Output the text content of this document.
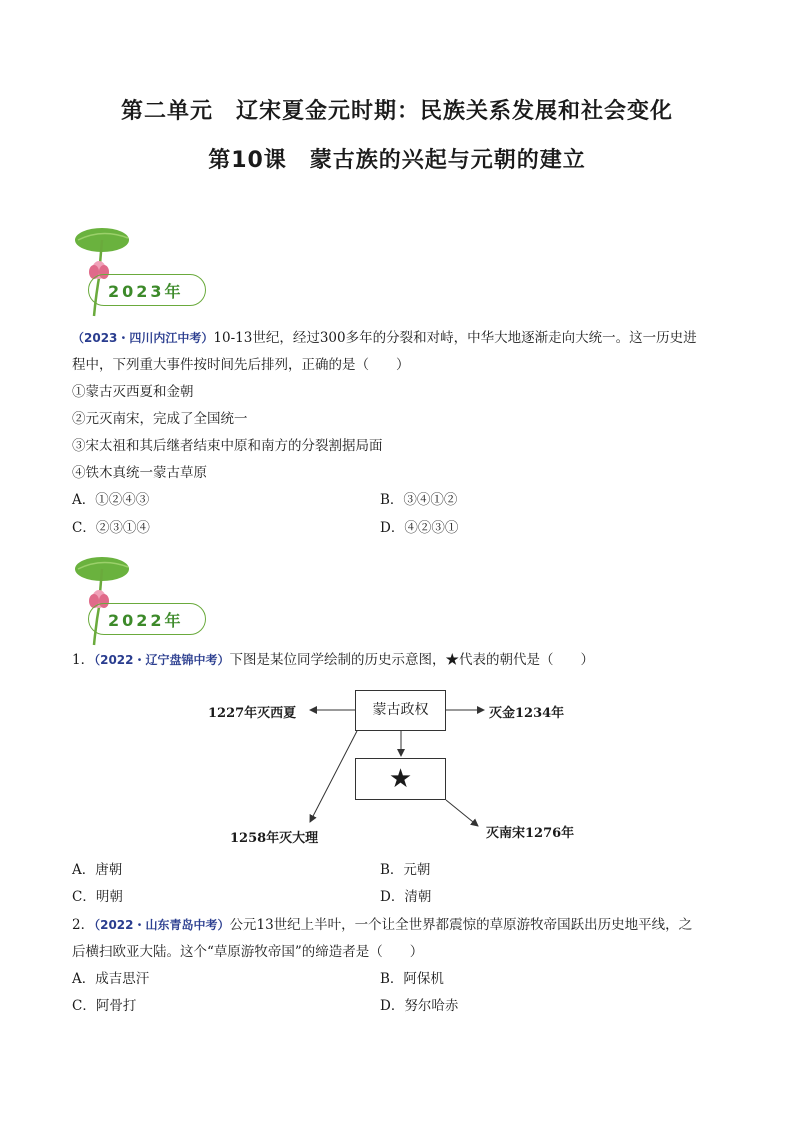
第二单元　辽宋夏金元时期：民族关系发展和社会变化
第10课　蒙古族的兴起与元朝的建立
2023年
（2023・四川内江中考）10-13世纪，经过300多年的分裂和对峙，中华大地逐渐走向大统一。这一历史进
程中，下列重大事件按时间先后排列，正确的是（　　）
①蒙古灭西夏和金朝
②元灭南宋，完成了全国统一
③宋太祖和其后继者结束中原和南方的分裂割据局面
④铁木真统一蒙古草原
A．①②④③	B．③④①②
C．②③①④	D．④②③①
2022年
1．（2022・辽宁盘锦中考）下图是某位同学绘制的历史示意图，★代表的朝代是（　　）
蒙古政权
★
1227年灭西夏	灭金1234年
1258年灭大理	灭南宋1276年
A．唐朝	B．元朝
C．明朝	D．清朝
2．（2022・山东青岛中考）公元13世纪上半叶，一个让全世界都震惊的草原游牧帝国跃出历史地平线，之
后横扫欧亚大陆。这个“草原游牧帝国”的缔造者是（　　）
A．成吉思汗	B．阿保机
C．阿骨打	D．努尔哈赤
